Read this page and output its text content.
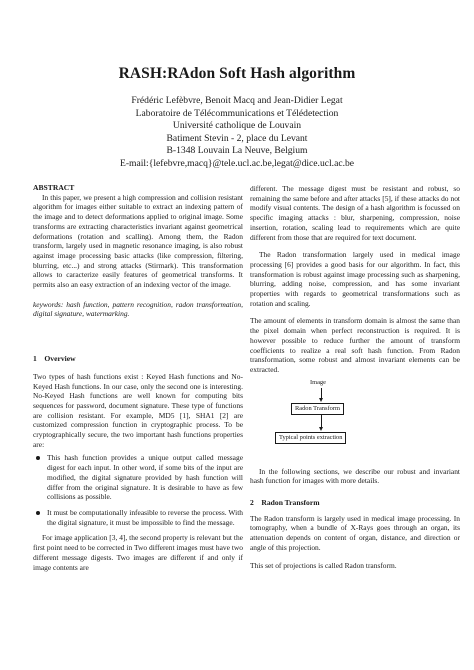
RASH:RAdon Soft Hash algorithm
Frédéric Lefèbvre, Benoit Macq and Jean-Didier Legat
Laboratoire de Télécommunications et Télédetection
Université catholique de Louvain
Batiment Stevin - 2, place du Levant
B-1348 Louvain La Neuve, Belgium
E-mail:{lefebvre,macq}@tele.ucl.ac.be,legat@dice.ucl.ac.be

ABSTRACT

In this paper, we present a high compression and collision resistant algorithm for images either suitable to extract an indexing pattern of the image and to detect deformations applied to original image. Some transforms are extracting characteristics invariant against geometrical deformations (rotation and scalling). Among them, the Radon transform, largely used in magnetic resonance imaging, is also robust against image processing basic attacks (like compression, filtering, blurring, etc...) and strong attacks (Stirmark). This transformation allows to caracterize easily features of geometrical transforms. It permits also an easy extraction of an indexing vector of the image.

keywords: hash function, pattern recognition, radon transformation, digital signature, watermarking.

1    Overview

Two types of hash functions exist : Keyed Hash functions and No-Keyed Hash functions. In our case, only the second one is interesting. No-Keyed Hash functions are well known for computing bits sequences for password, document signature. These type of functions are collision resistant. For example, MD5 [1], SHA1 [2] are customized compression function in cryptographic process. To be cryptographically secure, the two important hash functions properties are:

This hash function provides a unique output called message digest for each input. In other word, if some bits of the input are modified, the digital signature provided by hash function will differ from the original signature. It is desirable to have as few collisions as possible.
It must be computationally infeasible to reverse the process. With the digital signature, it must be impossible to find the message.

For image application [3, 4], the second property is relevant but the first point need to be corrected in Two different images must have two different message digests. Two images are different if and only if image contents are

different. The message digest must be resistant and robust, so remaining the same before and after attacks [5], if these attacks do not modify visual contents. The design of a hash algorithm is focussed on specific imaging attacks : blur, sharpening, compression, noise insertion, rotation, scaling lead to requirements which are quite different from those that are required for text document.

The Radon transformation largely used in medical image processing [6] provides a good basis for our algorithm. In fact, this transformation is robust against image processing such as sharpening, blurring, adding noise, compression, and has some invariant properties with regards to geometrical transformations such as rotation and scaling.

The amount of elements in transform domain is almost the same than the pixel domain when perfect reconstruction is required. It is however possible to reduce further the amount of transform coefficients to realize a real soft hash function. From Radon transformation, some robust and almost invariant elements can be extracted.

Image
Radon Transform
Typical points extraction

In the following sections, we describe our robust and invariant hash function for images with more details.

2    Radon Transform

The Radon transform is largely used in medical image processing. In tomography, when a bundle of X-Rays goes through an organ, its attenuation depends on content of organ, distance, and direction or angle of this projection.

This set of projections is called Radon transform.
